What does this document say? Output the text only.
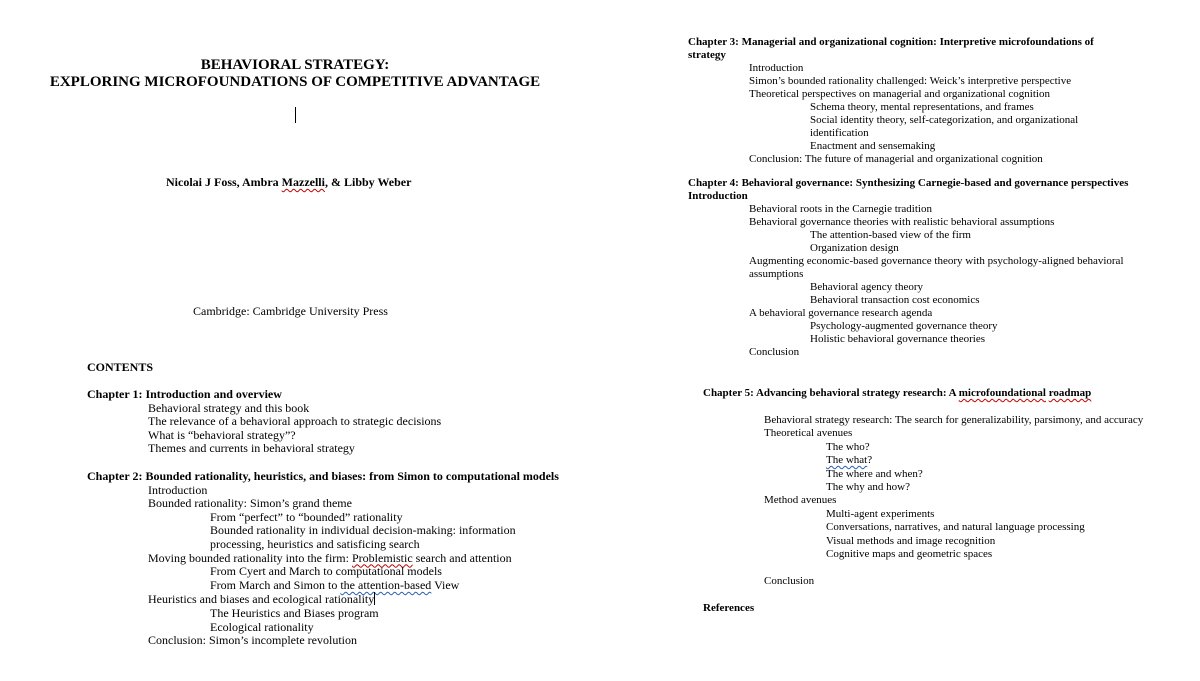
BEHAVIORAL STRATEGY:
EXPLORING MICROFOUNDATIONS OF COMPETITIVE ADVANTAGE
Nicolai J Foss, Ambra Mazzelli, & Libby Weber
Cambridge: Cambridge University Press
CONTENTS
Chapter 1: Introduction and overview
Behavioral strategy and this book
The relevance of a behavioral approach to strategic decisions
What is “behavioral strategy”?
Themes and currents in behavioral strategy
Chapter 2: Bounded rationality, heuristics, and biases: from Simon to computational models
Introduction
Bounded rationality: Simon’s grand theme
From “perfect” to “bounded” rationality
Bounded rationality in individual decision-making: information
processing, heuristics and satisficing search
Moving bounded rationality into the firm: Problemistic search and attention
From Cyert and March to computational models
From March and Simon to the attention-based View
Heuristics and biases and ecological rationality
The Heuristics and Biases program
Ecological rationality
Conclusion: Simon’s incomplete revolution
Chapter 3: Managerial and organizational cognition: Interpretive microfoundations of
strategy
Introduction
Simon’s bounded rationality challenged: Weick’s interpretive perspective
Theoretical perspectives on managerial and organizational cognition
Schema theory, mental representations, and frames
Social identity theory, self-categorization, and organizational
identification
Enactment and sensemaking
Conclusion: The future of managerial and organizational cognition
Chapter 4: Behavioral governance: Synthesizing Carnegie-based and governance perspectives
Introduction
Behavioral roots in the Carnegie tradition
Behavioral governance theories with realistic behavioral assumptions
The attention-based view of the firm
Organization design
Augmenting economic-based governance theory with psychology-aligned behavioral
assumptions
Behavioral agency theory
Behavioral transaction cost economics
A behavioral governance research agenda
Psychology-augmented governance theory
Holistic behavioral governance theories
Conclusion
Chapter 5: Advancing behavioral strategy research: A microfoundational roadmap
Behavioral strategy research: The search for generalizability, parsimony, and accuracy
Theoretical avenues
The who?
The what?
The where and when?
The why and how?
Method avenues
Multi-agent experiments
Conversations, narratives, and natural language processing
Visual methods and image recognition
Cognitive maps and geometric spaces
Conclusion
References
